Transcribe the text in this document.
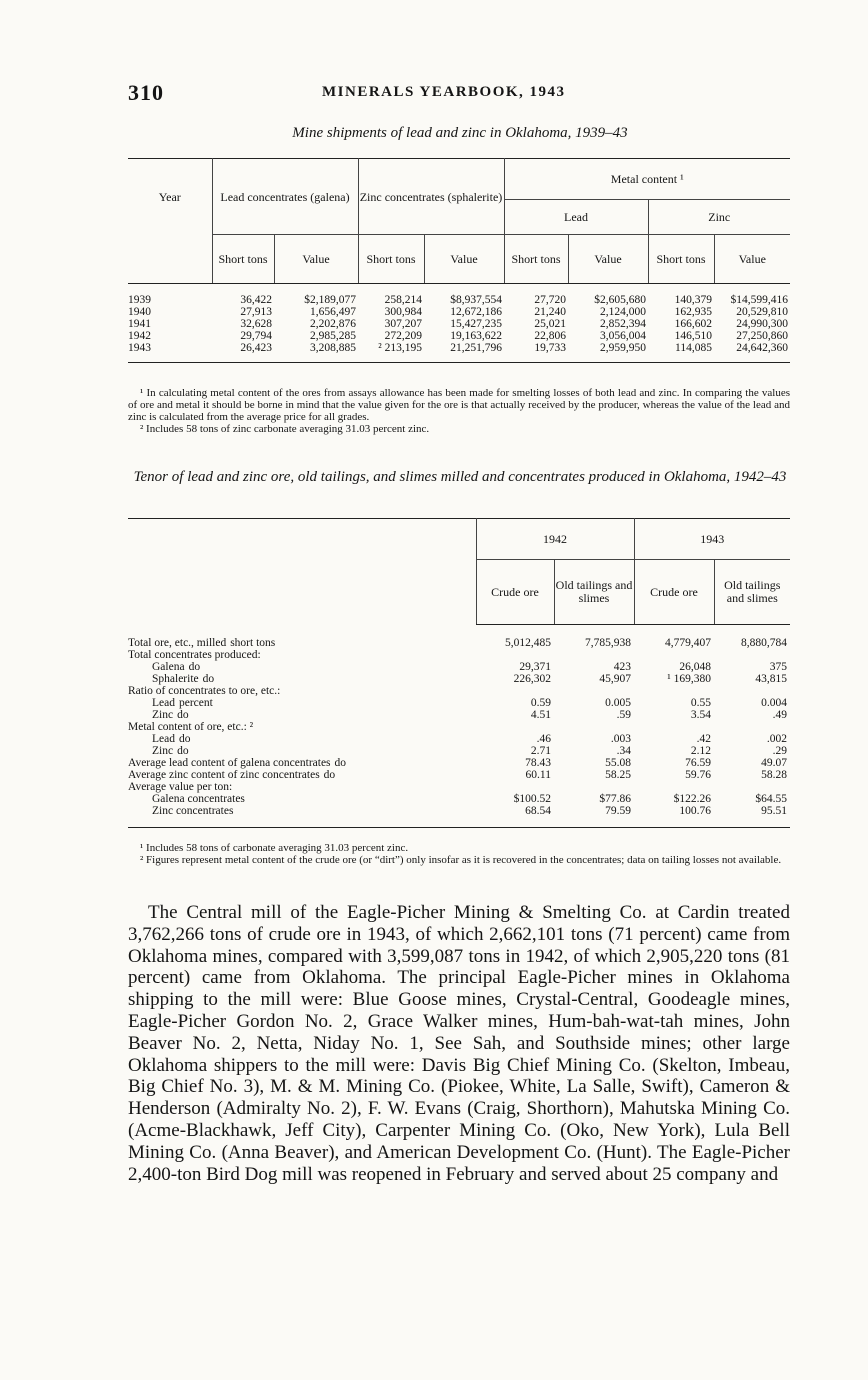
310	MINERALS YEARBOOK, 1943
Mine shipments of lead and zinc in Oklahoma, 1939–43
Year	Lead concentrates (galena)		Zinc concentrates (sphalerite)		Metal content ¹			
					Lead		Zinc	
	Short tons	Value	Short tons	Value	Short tons	Value	Short tons	Value
1939	36,422	$2,189,077	258,214	$8,937,554	27,720	$2,605,680	140,379	$14,599,416
1940	27,913	1,656,497	300,984	12,672,186	21,240	2,124,000	162,935	20,529,810
1941	32,628	2,202,876	307,207	15,427,235	25,021	2,852,394	166,602	24,990,300
1942	29,794	2,985,285	272,209	19,163,622	22,806	3,056,004	146,510	27,250,860
1943	26,423	3,208,885	² 213,195	21,251,796	19,733	2,959,950	114,085	24,642,360

¹ In calculating metal content of the ores from assays allowance has been made for smelting losses of both lead and zinc. In comparing the values of ore and metal it should be borne in mind that the value given for the ore is that actually received by the producer, whereas the value of the lead and zinc is calculated from the average price for all grades.

² Includes 58 tons of zinc carbonate averaging 31.03 percent zinc.

Tenor of lead and zinc ore, old tailings, and slimes milled and concentrates produced in Oklahoma, 1942–43
	1942		1943	
	Crude ore	Old tailings and slimes	Crude ore	Old tailings and slimes
Total ore, etc., milled short tons	5,012,485	7,785,938	4,779,407	8,880,784
Total concentrates produced:				
Galena do	29,371	423	26,048	375
Sphalerite do	226,302	45,907	¹ 169,380	43,815
Ratio of concentrates to ore, etc.:				
Lead percent	0.59	0.005	0.55	0.004
Zinc do	4.51	.59	3.54	.49
Metal content of ore, etc.: ²				
Lead do	.46	.003	.42	.002
Zinc do	2.71	.34	2.12	.29
Average lead content of galena concentrates do	78.43	55.08	76.59	49.07
Average zinc content of zinc concentrates do	60.11	58.25	59.76	58.28
Average value per ton:				
Galena concentrates	$100.52	$77.86	$122.26	$64.55
Zinc concentrates	68.54	79.59	100.76	95.51

¹ Includes 58 tons of carbonate averaging 31.03 percent zinc.

² Figures represent metal content of the crude ore (or “dirt”) only insofar as it is recovered in the concentrates; data on tailing losses not available.

The Central mill of the Eagle-Picher Mining & Smelting Co. at Cardin treated 3,762,266 tons of crude ore in 1943, of which 2,662,101 tons (71 percent) came from Oklahoma mines, compared with 3,599,087 tons in 1942, of which 2,905,220 tons (81 percent) came from Oklahoma. The principal Eagle-Picher mines in Oklahoma shipping to the mill were: Blue Goose mines, Crystal-Central, Goodeagle mines, Eagle-Picher Gordon No. 2, Grace Walker mines, Hum-bah-wat-tah mines, John Beaver No. 2, Netta, Niday No. 1, See Sah, and Southside mines; other large Oklahoma shippers to the mill were: Davis Big Chief Mining Co. (Skelton, Imbeau, Big Chief No. 3), M. & M. Mining Co. (Piokee, White, La Salle, Swift), Cameron & Henderson (Admiralty No. 2), F. W. Evans (Craig, Shorthorn), Mahutska Mining Co. (Acme-Blackhawk, Jeff City), Carpenter Mining Co. (Oko, New York), Lula Bell Mining Co. (Anna Beaver), and American Development Co. (Hunt). The Eagle-Picher 2,400-ton Bird Dog mill was reopened in February and served about 25 company and
